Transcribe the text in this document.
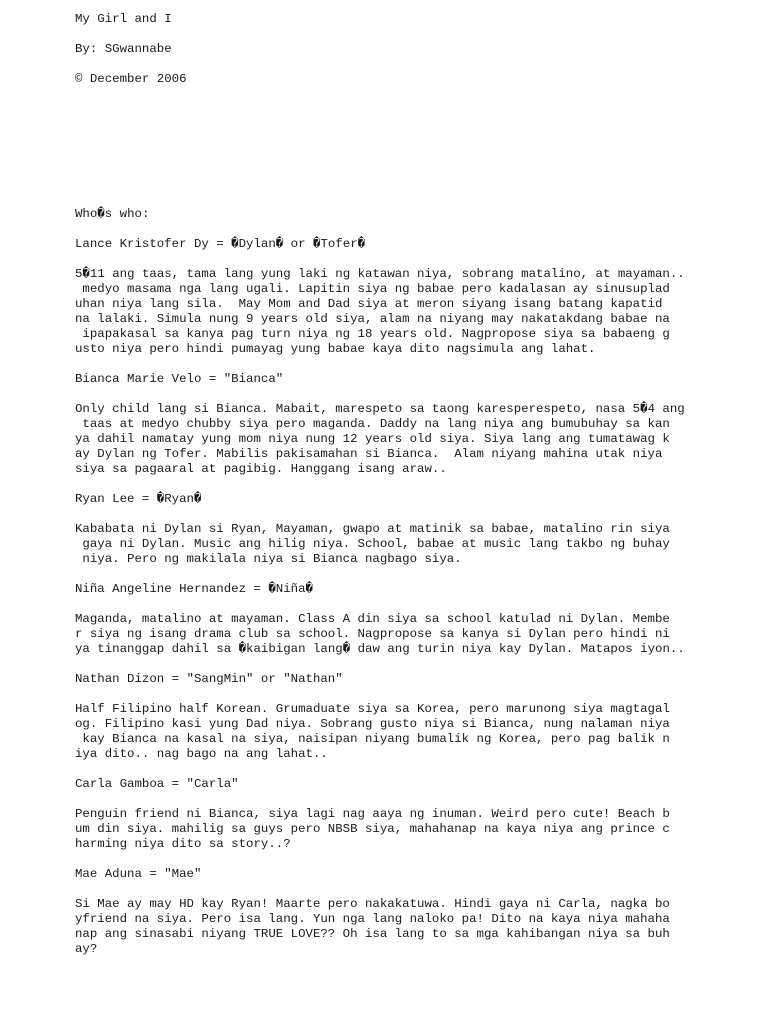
My Girl and I
By: SGwannabe
© December 2006
Who�s who:
Lance Kristofer Dy = �Dylan� or �Tofer�
5�11 ang taas, tama lang yung laki ng katawan niya, sobrang matalino, at mayaman..
medyo masama nga lang ugali. Lapitin siya ng babae pero kadalasan ay sinusuplad
uhan niya lang sila.  May Mom and Dad siya at meron siyang isang batang kapatid
na lalaki. Simula nung 9 years old siya, alam na niyang may nakatakdang babae na
ipapakasal sa kanya pag turn niya ng 18 years old. Nagpropose siya sa babaeng g
usto niya pero hindi pumayag yung babae kaya dito nagsimula ang lahat.
Bianca Marie Velo = "Bianca"
Only child lang si Bianca. Mabait, marespeto sa taong karesperespeto, nasa 5�4 ang
taas at medyo chubby siya pero maganda. Daddy na lang niya ang bumubuhay sa kan
ya dahil namatay yung mom niya nung 12 years old siya. Siya lang ang tumatawag k
ay Dylan ng Tofer. Mabilis pakisamahan si Bianca.  Alam niyang mahina utak niya
siya sa pagaaral at pagibig. Hanggang isang araw..
Ryan Lee = �Ryan�
Kababata ni Dylan si Ryan, Mayaman, gwapo at matinik sa babae, matalino rin siya
gaya ni Dylan. Music ang hilig niya. School, babae at music lang takbo ng buhay
niya. Pero ng makilala niya si Bianca nagbago siya.
Niña Angeline Hernandez = �Niña�
Maganda, matalino at mayaman. Class A din siya sa school katulad ni Dylan. Membe
r siya ng isang drama club sa school. Nagpropose sa kanya si Dylan pero hindi ni
ya tinanggap dahil sa �kaibigan lang� daw ang turin niya kay Dylan. Matapos iyon..
Nathan Dizon = "SangMin" or "Nathan"
Half Filipino half Korean. Grumaduate siya sa Korea, pero marunong siya magtagal
og. Filipino kasi yung Dad niya. Sobrang gusto niya si Bianca, nung nalaman niya
kay Bianca na kasal na siya, naisipan niyang bumalik ng Korea, pero pag balik n
iya dito.. nag bago na ang lahat..
Carla Gamboa = "Carla"
Penguin friend ni Bianca, siya lagi nag aaya ng inuman. Weird pero cute! Beach b
um din siya. mahilig sa guys pero NBSB siya, mahahanap na kaya niya ang prince c
harming niya dito sa story..?
Mae Aduna = "Mae"
Si Mae ay may HD kay Ryan! Maarte pero nakakatuwa. Hindi gaya ni Carla, nagka bo
yfriend na siya. Pero isa lang. Yun nga lang naloko pa! Dito na kaya niya mahaha
nap ang sinasabi niyang TRUE LOVE?? Oh isa lang to sa mga kahibangan niya sa buh
ay?
